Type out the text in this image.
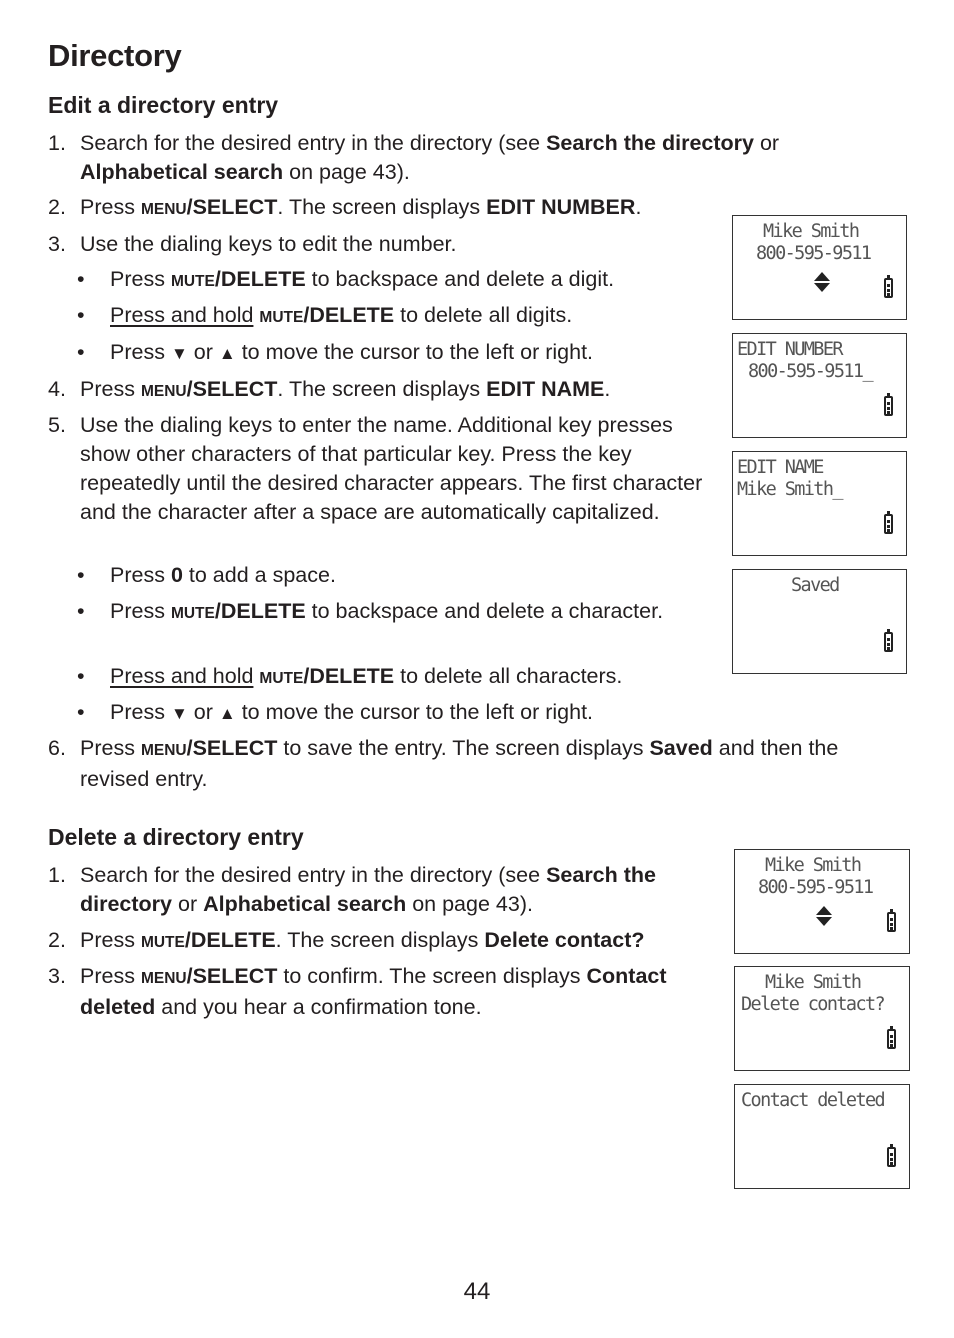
Directory
Edit a directory entry
1. Search for the desired entry in the directory (see Search the directory or Alphabetical search on page 43).
2. Press MENU/SELECT. The screen displays EDIT NUMBER.
3. Use the dialing keys to edit the number.
• Press MUTE/DELETE to backspace and delete a digit.
• Press and hold MUTE/DELETE to delete all digits.
• Press ▼ or ▲ to move the cursor to the left or right.
4. Press MENU/SELECT. The screen displays EDIT NAME.
5. Use the dialing keys to enter the name. Additional key presses show other characters of that particular key. Press the key repeatedly until the desired character appears. The first character and the character after a space are automatically capitalized.
• Press 0 to add a space.
• Press MUTE/DELETE to backspace and delete a character.
• Press and hold MUTE/DELETE to delete all characters.
• Press ▼ or ▲ to move the cursor to the left or right.
6. Press MENU/SELECT to save the entry. The screen displays Saved and then the revised entry.
Delete a directory entry
1. Search for the desired entry in the directory (see Search the directory or Alphabetical search on page 43).
2. Press MUTE/DELETE. The screen displays Delete contact?
3. Press MENU/SELECT to confirm. The screen displays Contact deleted and you hear a confirmation tone.
Mike Smith
800-595-9511
EDIT NUMBER
800-595-9511_
EDIT NAME
Mike Smith_
Saved
Mike Smith
800-595-9511
Mike Smith
Delete contact?
Contact deleted
44
